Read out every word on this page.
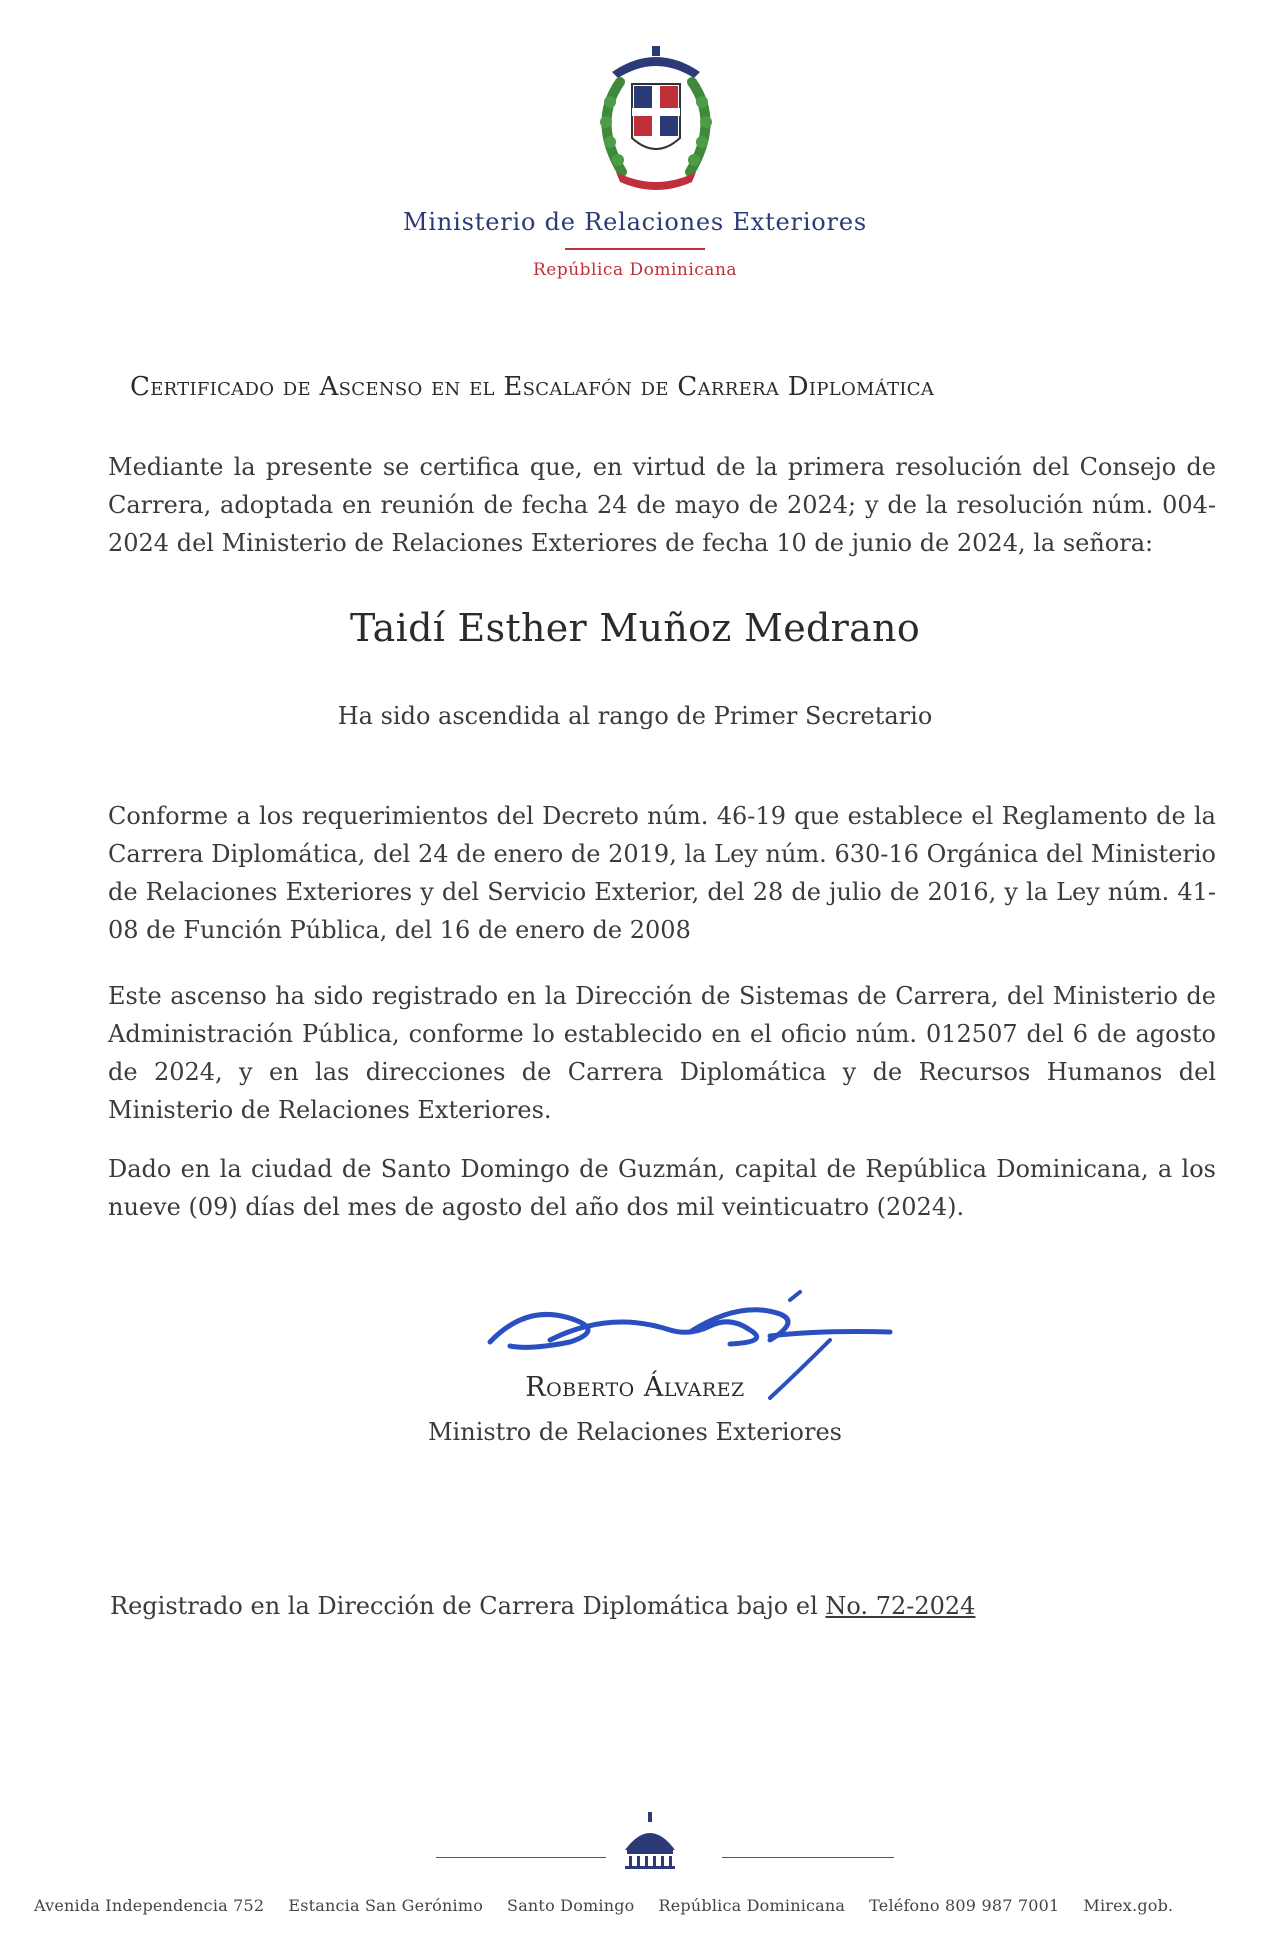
Ministerio de Relaciones Exteriores
República Dominicana
Certificado de Ascenso en el Escalafón de Carrera Diplomática
Mediante la presente se certifica que, en virtud de la primera resolución del Consejo de Carrera, adoptada en reunión de fecha 24 de mayo de 2024; y de la resolución núm. 004-2024 del Ministerio de Relaciones Exteriores de fecha 10 de junio de 2024, la señora:
Taidí Esther Muñoz Medrano
Ha sido ascendida al rango de Primer Secretario
Conforme a los requerimientos del Decreto núm. 46-19 que establece el Reglamento de la Carrera Diplomática, del 24 de enero de 2019, la Ley núm. 630-16 Orgánica del Ministerio de Relaciones Exteriores y del Servicio Exterior, del 28 de julio de 2016, y la Ley núm. 41-08 de Función Pública, del 16 de enero de 2008
Este ascenso ha sido registrado en la Dirección de Sistemas de Carrera, del Ministerio de Administración Pública, conforme lo establecido en el oficio núm. 012507 del 6 de agosto de 2024, y en las direcciones de Carrera Diplomática y de Recursos Humanos del Ministerio de Relaciones Exteriores.
Dado en la ciudad de Santo Domingo de Guzmán, capital de República Dominicana, a los nueve (09) días del mes de agosto del año dos mil veinticuatro (2024).
Roberto Álvarez
Ministro de Relaciones Exteriores
Registrado en la Dirección de Carrera Diplomática bajo el No. 72-2024
Avenida Independencia 752 Estancia San Gerónimo Santo Domingo República Dominicana Teléfono 809 987 7001 Mirex.gob.
